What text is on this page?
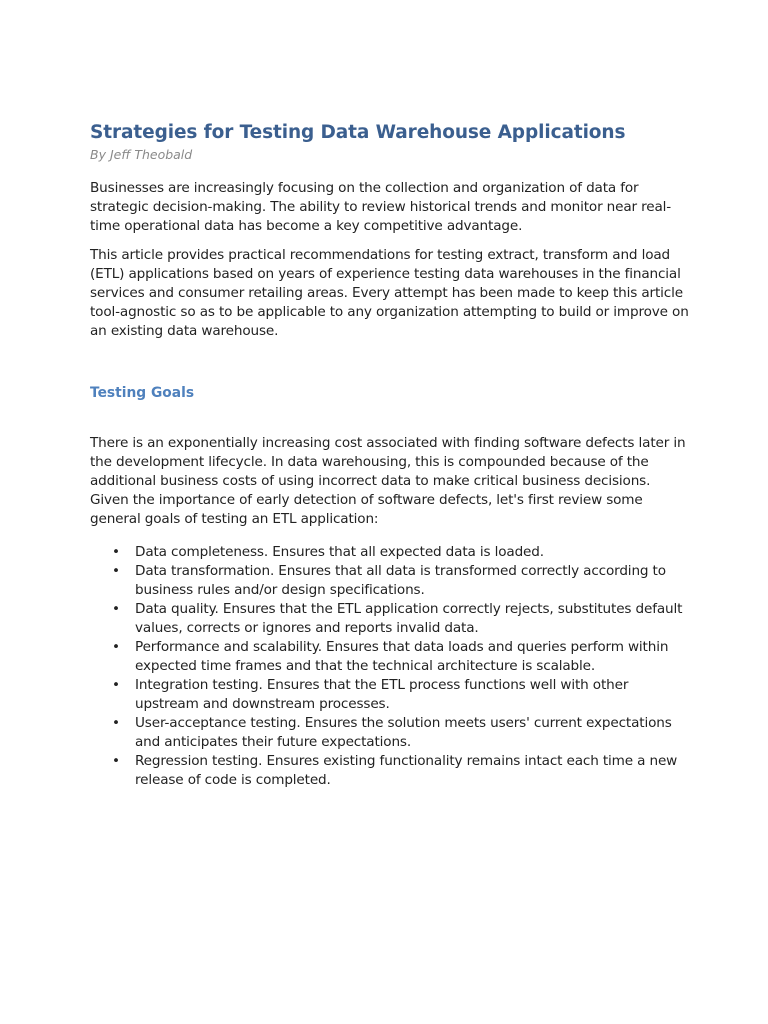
Strategies for Testing Data Warehouse Applications

By Jeff Theobald

Businesses are increasingly focusing on the collection and organization of data for strategic decision-making. The ability to review historical trends and monitor near real-time operational data has become a key competitive advantage.

This article provides practical recommendations for testing extract, transform and load (ETL) applications based on years of experience testing data warehouses in the financial services and consumer retailing areas. Every attempt has been made to keep this article tool-agnostic so as to be applicable to any organization attempting to build or improve on an existing data warehouse.

Testing Goals

There is an exponentially increasing cost associated with finding software defects later in the development lifecycle. In data warehousing, this is compounded because of the additional business costs of using incorrect data to make critical business decisions. Given the importance of early detection of software defects, let's first review some general goals of testing an ETL application:

• Data completeness. Ensures that all expected data is loaded.
• Data transformation. Ensures that all data is transformed correctly according to business rules and/or design specifications.
• Data quality. Ensures that the ETL application correctly rejects, substitutes default values, corrects or ignores and reports invalid data.
• Performance and scalability. Ensures that data loads and queries perform within expected time frames and that the technical architecture is scalable.
• Integration testing. Ensures that the ETL process functions well with other upstream and downstream processes.
• User-acceptance testing. Ensures the solution meets users' current expectations and anticipates their future expectations.
• Regression testing. Ensures existing functionality remains intact each time a new release of code is completed.
